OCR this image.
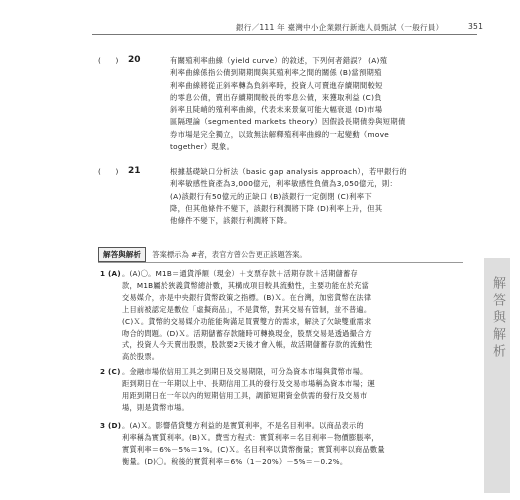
銀行／111 年 臺灣中小企業銀行新進人員甄試（一般行員）	351
(　　) 20	有關殖利率曲線（yield curve）的敘述，下列何者錯誤？ (A)殖
利率曲線係指公債到期期間與其殖利率之間的關係 (B)當預期殖
利率曲線將從正斜率轉為負斜率時，投資人可賣進存續期間較短
的零息公債，賣出存續期間較長的零息公債，來獲取利益 (C)負
斜率且陡峭的殖利率曲線，代表未來景氣可能大幅衰退 (D)市場
區隔理論（segmented markets theory）因假設長期債券與短期債
券市場是完全獨立，以致無法解釋殖利率曲線的一起變動（move
together）現象。
(　　) 21	根據基礎缺口分析法（basic gap analysis approach），若甲銀行的
利率敏感性資產為3,000億元，利率敏感性負債為3,050億元，則：
(A)該銀行有50億元的正缺口 (B)該銀行一定倒閉 (C)利率下
降，但其他條件不變下，該銀行利潤將下降 (D)利率上升，但其
他條件不變下，該銀行利潤將下降。
解答與解析 答案標示為 #者，表官方曾公告更正該題答案。
1 (A) 。(A)〇。M1B＝通貨淨額（現金）＋支票存款＋活期存款＋活期儲蓄存
款，M1B屬於狹義貨幣總計數，其構成項目較具流動性，主要功能在於充當
交易媒介，亦是中央銀行貨幣政策之指標。(B)Ｘ。在台灣，加密貨幣在法律
上目前被認定是數位「虛擬商品」，不是貨幣，對其交易有管制，並不普遍。
(C)Ｘ。貨幣的交易媒介功能能夠滿足買賣雙方的需求，解決了欠缺雙重需求
吻合的問題。(D)Ｘ。活期儲蓄存款隨時可轉換現金，股票交易是透過撮合方
式，投資人今天賣出股票，股款要2天後才會入帳，故活期儲蓄存款的流動性
高於股票。
2 (C) 。金融市場依信用工具之到期日及交易期限，可分為資本市場與貨幣市場。
距到期日在一年期以上中、長期信用工具的發行及交易市場稱為資本市場；運
用距到期日在一年以內的短期信用工具，調節短期資金供需的發行及交易市
場，則是貨幣市場。
3 (D) 。(A)Ｘ。影響借貸雙方利益的是實質利率，不是名目利率。以商品表示的
利率稱為實質利率。(B)Ｘ。費雪方程式：實質利率＝名目利率－物價膨脹率，
實質利率＝6%－5%＝1%。(C)Ｘ。名目利率以貨幣衡量；實質利率以商品數量
衡量。(D)〇。稅後的實質利率＝6%（1－20%）－5%＝－0.2%。
解答與解析
